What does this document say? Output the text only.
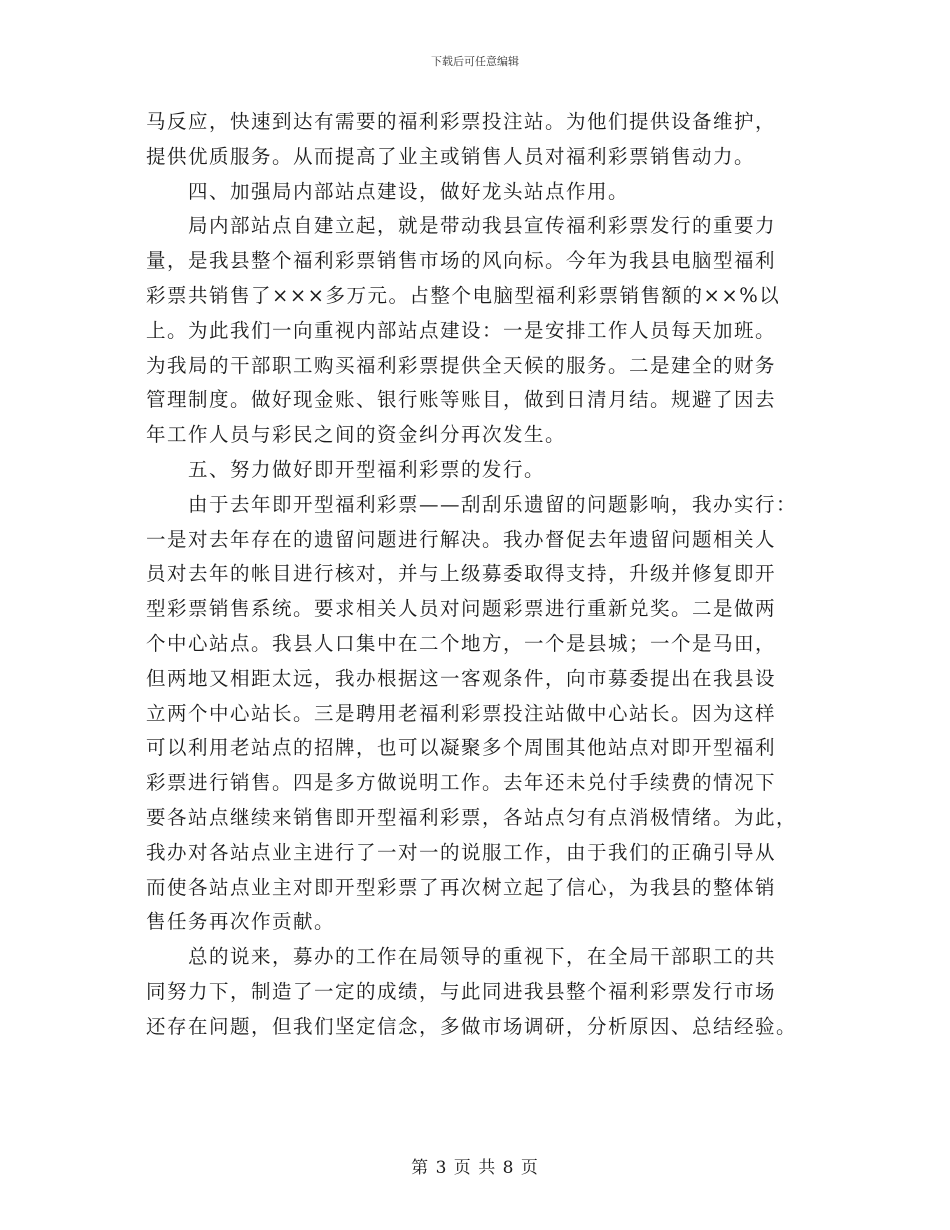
下载后可任意编辑
马反应，快速到达有需要的福利彩票投注站。为他们提供设备维护，
提供优质服务。从而提高了业主或销售人员对福利彩票销售动力。
四、加强局内部站点建设，做好龙头站点作用。
局内部站点自建立起，就是带动我县宣传福利彩票发行的重要力
量，是我县整个福利彩票销售市场的风向标。今年为我县电脑型福利
彩票共销售了×××多万元。占整个电脑型福利彩票销售额的××%以
上。为此我们一向重视内部站点建设：一是安排工作人员每天加班。
为我局的干部职工购买福利彩票提供全天候的服务。二是建全的财务
管理制度。做好现金账、银行账等账目，做到日清月结。规避了因去
年工作人员与彩民之间的资金纠分再次发生。
五、努力做好即开型福利彩票的发行。
由于去年即开型福利彩票——刮刮乐遗留的问题影响，我办实行：
一是对去年存在的遗留问题进行解决。我办督促去年遗留问题相关人
员对去年的帐目进行核对，并与上级募委取得支持，升级并修复即开
型彩票销售系统。要求相关人员对问题彩票进行重新兑奖。二是做两
个中心站点。我县人口集中在二个地方，一个是县城；一个是马田，
但两地又相距太远，我办根据这一客观条件，向市募委提出在我县设
立两个中心站长。三是聘用老福利彩票投注站做中心站长。因为这样
可以利用老站点的招牌，也可以凝聚多个周围其他站点对即开型福利
彩票进行销售。四是多方做说明工作。去年还未兑付手续费的情况下
要各站点继续来销售即开型福利彩票，各站点匀有点消极情绪。为此，
我办对各站点业主进行了一对一的说服工作，由于我们的正确引导从
而使各站点业主对即开型彩票了再次树立起了信心，为我县的整体销
售任务再次作贡献。
总的说来，募办的工作在局领导的重视下，在全局干部职工的共
同努力下，制造了一定的成绩，与此同进我县整个福利彩票发行市场
还存在问题，但我们坚定信念，多做市场调研，分析原因、总结经验。
第 3 页 共 8 页
